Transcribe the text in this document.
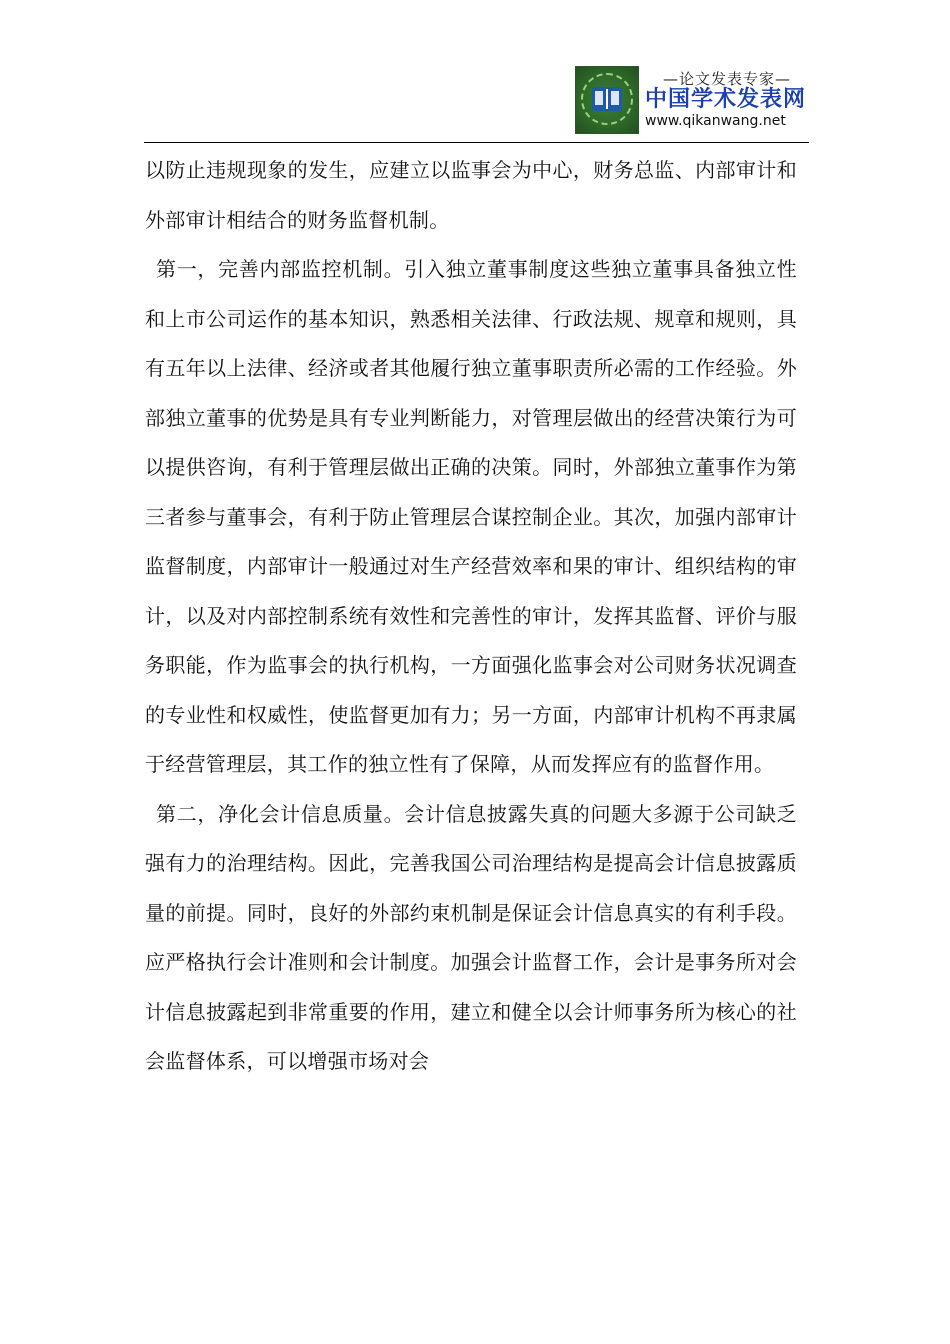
—论文发表专家—
中国学术发表网
www.qikanwang.net

以防止违规现象的发生，应建立以监事会为中心，财务总监、内部审计和外部审计相结合的财务监督机制。

第一，完善内部监控机制。引入独立董事制度这些独立董事具备独立性和上市公司运作的基本知识，熟悉相关法律、行政法规、规章和规则，具有五年以上法律、经济或者其他履行独立董事职责所必需的工作经验。外部独立董事的优势是具有专业判断能力，对管理层做出的经营决策行为可以提供咨询，有利于管理层做出正确的决策。同时，外部独立董事作为第三者参与董事会，有利于防止管理层合谋控制企业。其次，加强内部审计监督制度，内部审计一般通过对生产经营效率和果的审计、组织结构的审计，以及对内部控制系统有效性和完善性的审计，发挥其监督、评价与服务职能，作为监事会的执行机构，一方面强化监事会对公司财务状况调查的专业性和权威性，使监督更加有力；另一方面，内部审计机构不再隶属于经营管理层，其工作的独立性有了保障，从而发挥应有的监督作用。

第二，净化会计信息质量。会计信息披露失真的问题大多源于公司缺乏强有力的治理结构。因此，完善我国公司治理结构是提高会计信息披露质量的前提。同时，良好的外部约束机制是保证会计信息真实的有利手段。应严格执行会计准则和会计制度。加强会计监督工作，会计是事务所对会计信息披露起到非常重要的作用，建立和健全以会计师事务所为核心的社会监督体系，可以增强市场对会
